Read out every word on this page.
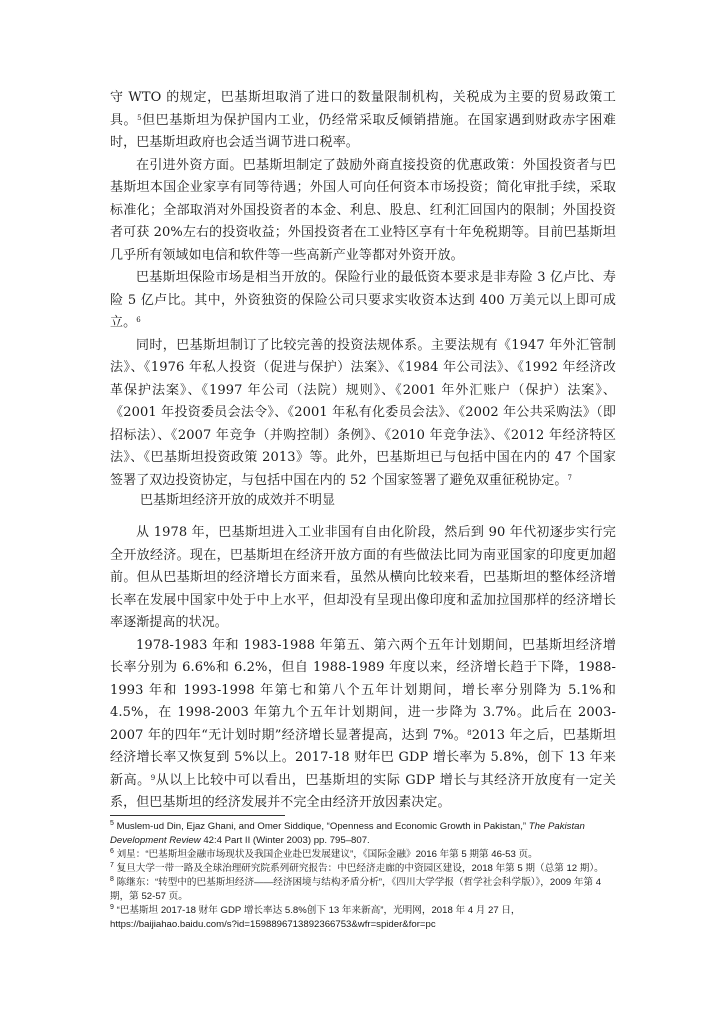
守 WTO 的规定，巴基斯坦取消了进口的数量限制机构，关税成为主要的贸易政策工具。$^5$但巴基斯坦为保护国内工业，仍经常采取反倾销措施。在国家遇到财政赤字困难时，巴基斯坦政府也会适当调节进口税率。

在引进外资方面。巴基斯坦制定了鼓励外商直接投资的优惠政策：外国投资者与巴基斯坦本国企业家享有同等待遇；外国人可向任何资本市场投资；简化审批手续，采取标准化；全部取消对外国投资者的本金、利息、股息、红利汇回国内的限制；外国投资者可获 20%左右的投资收益；外国投资者在工业特区享有十年免税期等。目前巴基斯坦几乎所有领域如电信和软件等一些高新产业等都对外资开放。

巴基斯坦保险市场是相当开放的。保险行业的最低资本要求是非寿险 3 亿卢比、寿险 5 亿卢比。其中，外资独资的保险公司只要求实收资本达到 400 万美元以上即可成立。$^6$

同时，巴基斯坦制订了比较完善的投资法规体系。主要法规有《1947 年外汇管制法》、《1976 年私人投资（促进与保护）法案》、《1984 年公司法》、《1992 年经济改革保护法案》、《1997 年公司（法院）规则》、《2001 年外汇账户（保护）法案》、《2001 年投资委员会法令》、《2001 年私有化委员会法》、《2002 年公共采购法》（即招标法）、《2007 年竞争（并购控制）条例》、《2010 年竞争法》、《2012 年经济特区法》、《巴基斯坦投资政策 2013》等。此外，巴基斯坦已与包括中国在内的 47 个国家签署了双边投资协定，与包括中国在内的 52 个国家签署了避免双重征税协定。$^7$

巴基斯坦经济开放的成效并不明显

从 1978 年，巴基斯坦进入工业非国有自由化阶段，然后到 90 年代初逐步实行完全开放经济。现在，巴基斯坦在经济开放方面的有些做法比同为南亚国家的印度更加超前。但从巴基斯坦的经济增长方面来看，虽然从横向比较来看，巴基斯坦的整体经济增长率在发展中国家中处于中上水平，但却没有呈现出像印度和孟加拉国那样的经济增长率逐渐提高的状况。

1978-1983 年和 1983-1988 年第五、第六两个五年计划期间，巴基斯坦经济增长率分别为 6.6%和 6.2%，但自 1988-1989 年度以来，经济增长趋于下降，1988-1993 年和 1993-1998 年第七和第八个五年计划期间，增长率分别降为 5.1%和 4.5%，在 1998-2003 年第九个五年计划期间，进一步降为 3.7%。此后在 2003-2007 年的四年“无计划时期”经济增长显著提高，达到 7%。$^8$2013 年之后，巴基斯坦经济增长率又恢复到 5%以上。2017-18 财年巴 GDP 增长率为 5.8%，创下 13 年来新高。$^9$从以上比较中可以看出，巴基斯坦的实际 GDP 增长与其经济开放度有一定关系，但巴基斯坦的经济发展并不完全由经济开放因素决定。

$^5$ Muslem-ud Din, Ejaz Ghani, and Omer Siddique, “Openness and Economic Growth in Pakistan,” The Pakistan Development Review 42:4 Part II (Winter 2003) pp. 795–807.

$^6$ 刘星：“巴基斯坦金融市场现状及我国企业赴巴发展建议”，《国际金融》2016 年第 5 期第 46-53 页。

$^7$ 复旦大学一带一路及全球治理研究院系列研究报告：中巴经济走廊的中资园区建设，2018 年第 5 期（总第 12 期）。

$^8$ 陈继东：“转型中的巴基斯坦经济——经济困境与结构矛盾分析”，《四川大学学报（哲学社会科学版）》，2009 年第 4 期，第 52-57 页。

$^9$ “巴基斯坦 2017-18 财年 GDP 增长率达 5.8%创下 13 年来新高”，光明网，2018 年 4 月 27 日，https://baijiahao.baidu.com/s?id=1598896713892366753&wfr=spider&for=pc
